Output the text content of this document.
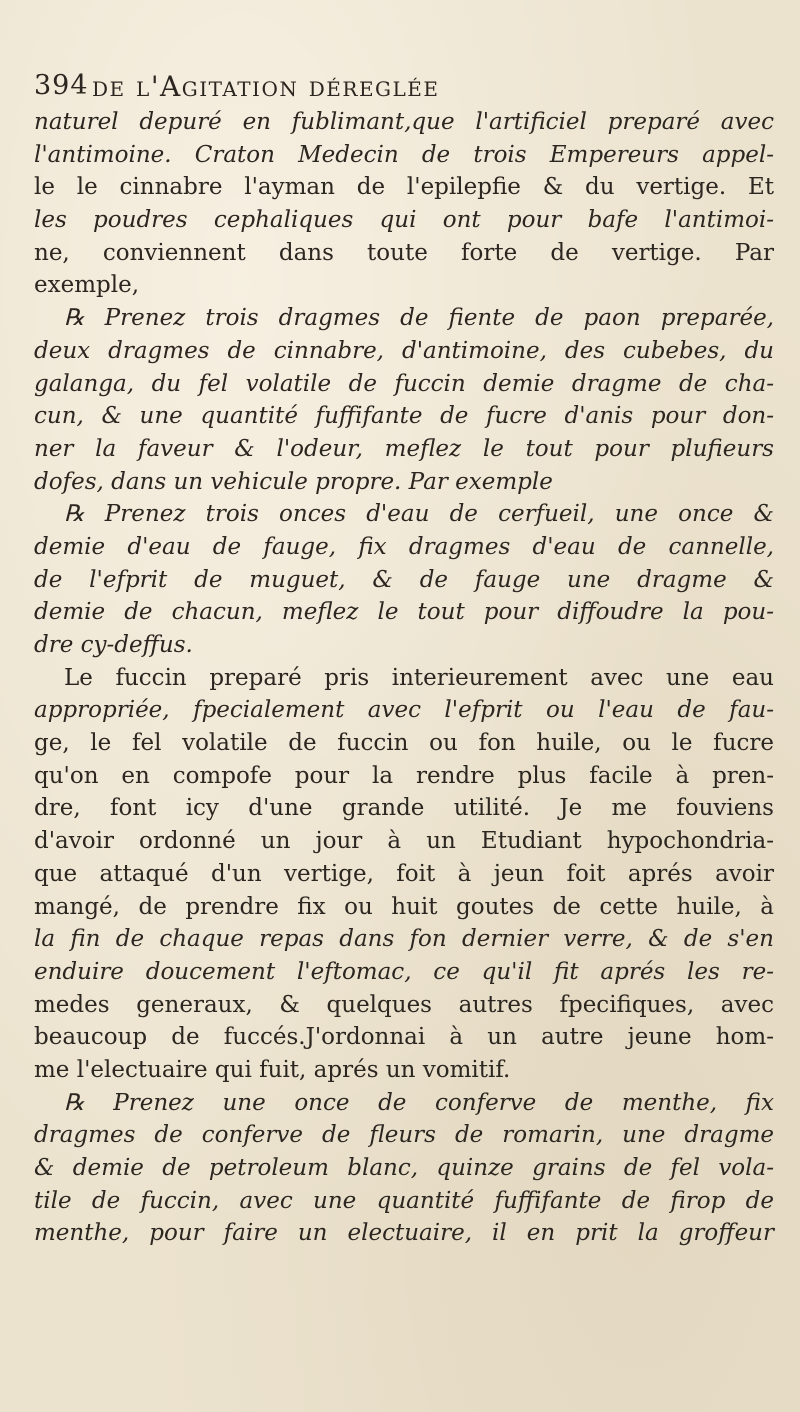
394 de l'Agitation déreglée
naturel depuré en fublimant,que l'artificiel preparé avec
l'antimoine. Craton Medecin de trois Empereurs appel-
le le cinnabre l'ayman de l'epilepfie & du vertige. Et
les poudres cephaliques qui ont pour bafe l'antimoi-
ne, conviennent dans toute forte de vertige. Par
exemple,
℞ Prenez trois dragmes de fiente de paon preparée,
deux dragmes de cinnabre, d'antimoine, des cubebes, du
galanga, du fel volatile de fuccin demie dragme de cha-
cun, & une quantité fuffifante de fucre d'anis pour don-
ner la faveur & l'odeur, meflez le tout pour plufieurs
dofes, dans un vehicule propre. Par exemple
℞ Prenez trois onces d'eau de cerfueil, une once &
demie d'eau de fauge, fix dragmes d'eau de cannelle,
de l'efprit de muguet, & de fauge une dragme &
demie de chacun, meflez le tout pour diffoudre la pou-
dre cy-deffus.
Le fuccin preparé pris interieurement avec une eau
appropriée, fpecialement avec l'efprit ou l'eau de fau-
ge, le fel volatile de fuccin ou fon huile, ou le fucre
qu'on en compofe pour la rendre plus facile à pren-
dre, font icy d'une grande utilité. Je me fouviens
d'avoir ordonné un jour à un Etudiant hypochondria-
que attaqué d'un vertige, foit à jeun foit aprés avoir
mangé, de prendre fix ou huit goutes de cette huile, à
la fin de chaque repas dans fon dernier verre, & de s'en
enduire doucement l'eftomac, ce qu'il fit aprés les re-
medes generaux, & quelques autres fpecifiques, avec
beaucoup de fuccés.J'ordonnai à un autre jeune hom-
me l'electuaire qui fuit, aprés un vomitif.
℞ Prenez une once de conferve de menthe, fix
dragmes de conferve de fleurs de romarin, une dragme
& demie de petroleum blanc, quinze grains de fel vola-
tile de fuccin, avec une quantité fuffifante de firop de
menthe, pour faire un electuaire, il en prit la groffeur
